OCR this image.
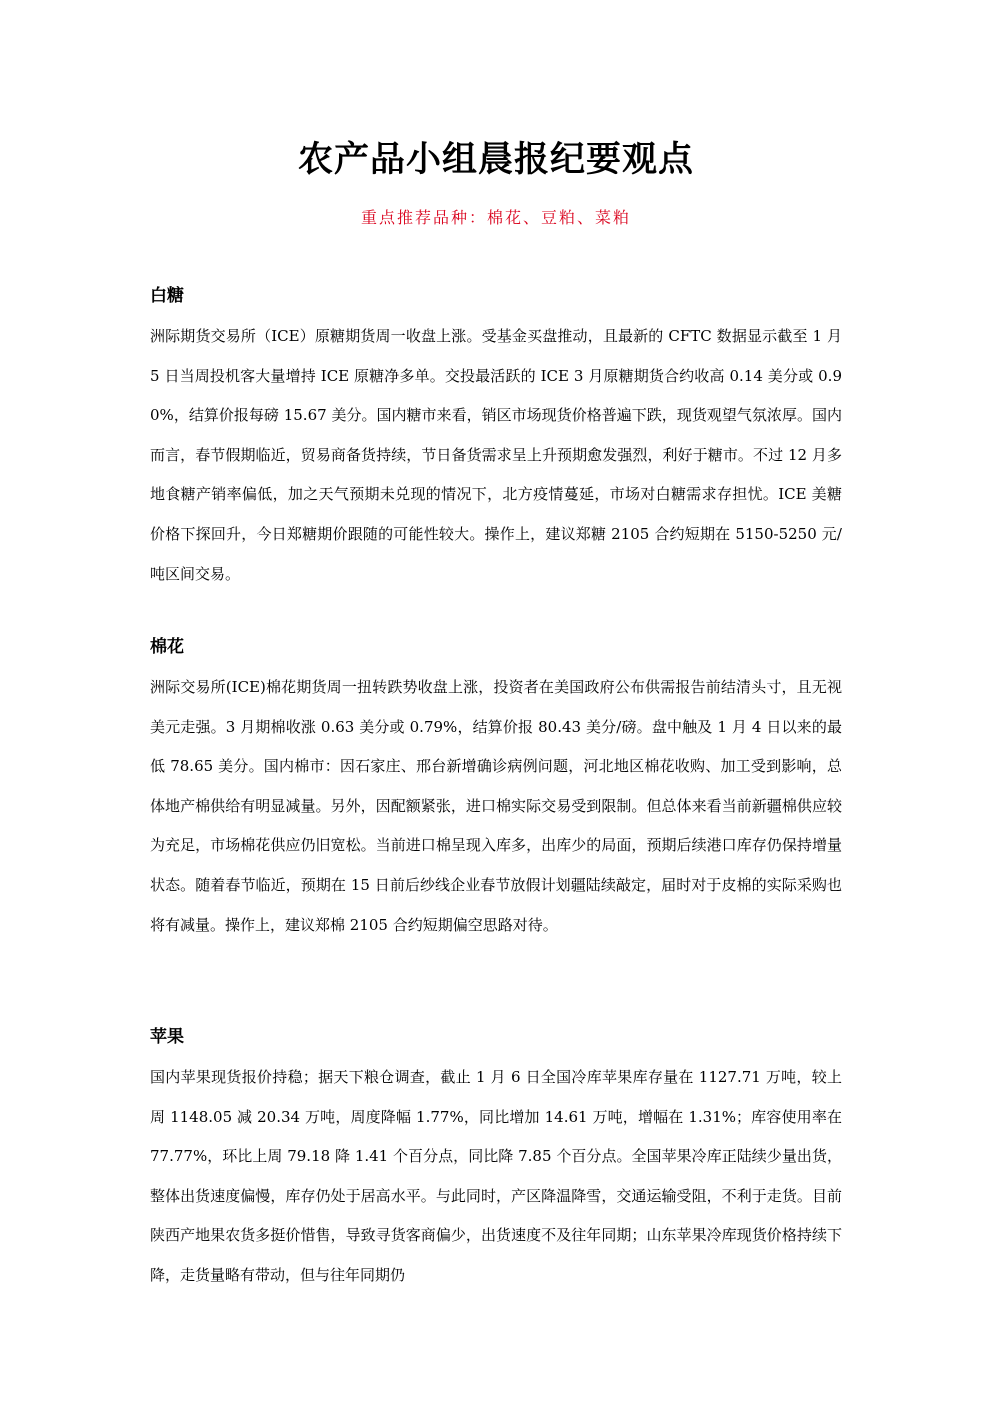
农产品小组晨报纪要观点

重点推荐品种：棉花、豆粕、菜粕

白糖

洲际期货交易所（ICE）原糖期货周一收盘上涨。受基金买盘推动，且最新的 CFTC 数据显示截至 1 月 5 日当周投机客大量增持 ICE 原糖净多单。交投最活跃的 ICE 3 月原糖期货合约收高 0.14 美分或 0.90%，结算价报每磅 15.67 美分。国内糖市来看，销区市场现货价格普遍下跌，现货观望气氛浓厚。国内而言，春节假期临近，贸易商备货持续，节日备货需求呈上升预期愈发强烈，利好于糖市。不过 12 月多地食糖产销率偏低，加之天气预期未兑现的情况下，北方疫情蔓延，市场对白糖需求存担忧。ICE 美糖价格下探回升，今日郑糖期价跟随的可能性较大。操作上，建议郑糖 2105 合约短期在 5150-5250 元/吨区间交易。

棉花

洲际交易所(ICE)棉花期货周一扭转跌势收盘上涨，投资者在美国政府公布供需报告前结清头寸，且无视美元走强。3 月期棉收涨 0.63 美分或 0.79%，结算价报 80.43 美分/磅。盘中触及 1 月 4 日以来的最低 78.65 美分。国内棉市：因石家庄、邢台新增确诊病例问题，河北地区棉花收购、加工受到影响，总体地产棉供给有明显减量。另外，因配额紧张，进口棉实际交易受到限制。但总体来看当前新疆棉供应较为充足，市场棉花供应仍旧宽松。当前进口棉呈现入库多，出库少的局面，预期后续港口库存仍保持增量状态。随着春节临近，预期在 15 日前后纱线企业春节放假计划疆陆续敲定，届时对于皮棉的实际采购也将有减量。操作上，建议郑棉 2105 合约短期偏空思路对待。

苹果

国内苹果现货报价持稳；据天下粮仓调查，截止 1 月 6 日全国冷库苹果库存量在 1127.71 万吨，较上周 1148.05 减 20.34 万吨，周度降幅 1.77%，同比增加 14.61 万吨，增幅在 1.31%；库容使用率在 77.77%，环比上周 79.18 降 1.41 个百分点，同比降 7.85 个百分点。全国苹果冷库正陆续少量出货，整体出货速度偏慢，库存仍处于居高水平。与此同时，产区降温降雪，交通运输受阻，不利于走货。目前陕西产地果农货多挺价惜售，导致寻货客商偏少，出货速度不及往年同期；山东苹果冷库现货价格持续下降，走货量略有带动，但与往年同期仍
